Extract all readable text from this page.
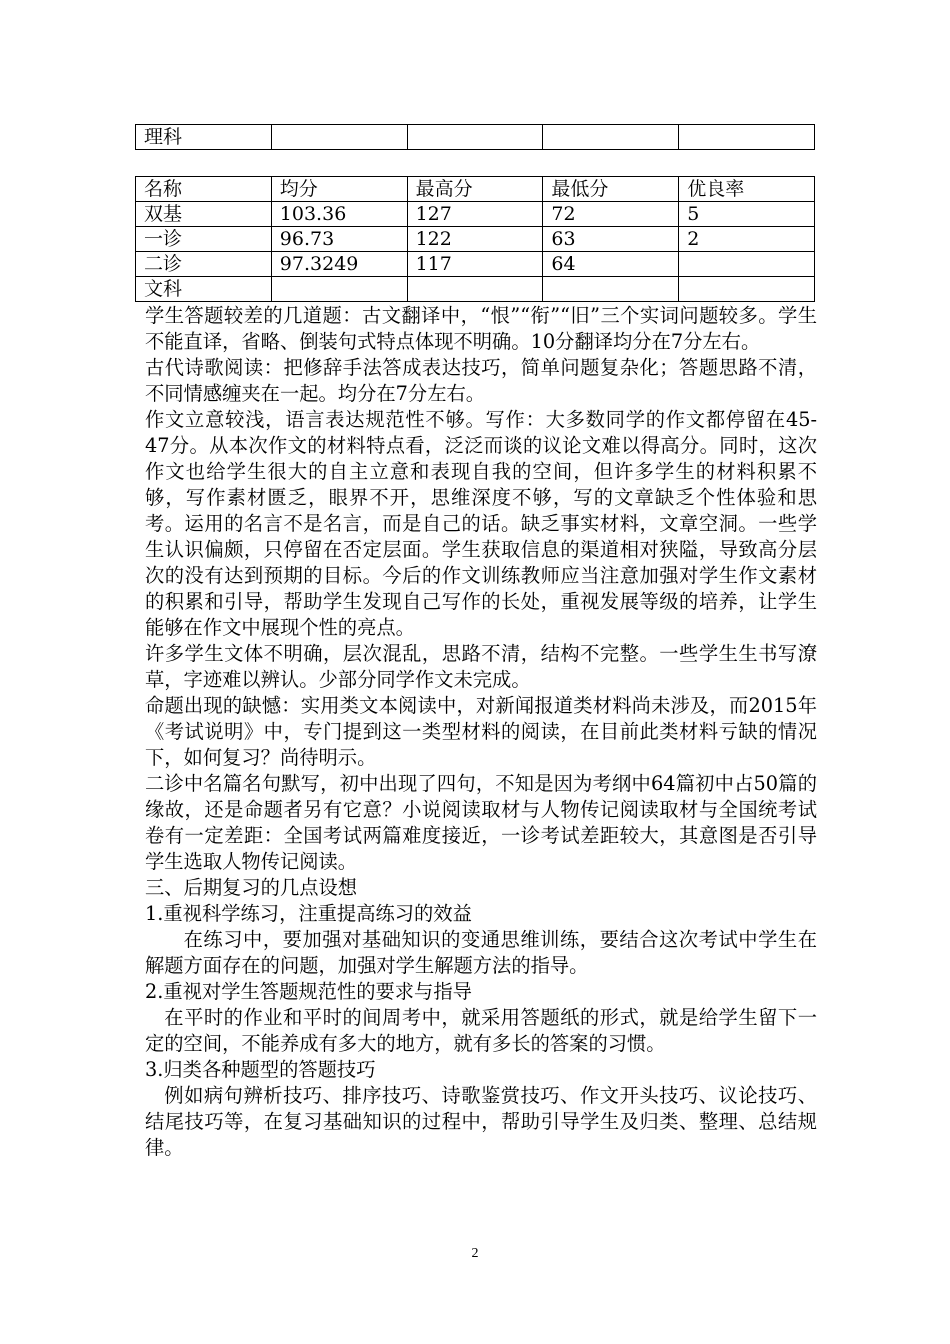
理科				
名称	均分	最高分	最低分	优良率
双基	103.36	127	72	5
一诊	96.73	122	63	2
二诊	97.3249	117	64	
文科				

学生答题较差的几道题：古文翻译中，“恨”“衔”“旧”三个实词问题较多。学生不能直译，省略、倒装句式特点体现不明确。10分翻译均分在7分左右。

古代诗歌阅读：把修辞手法答成表达技巧，简单问题复杂化；答题思路不清，不同情感缠夹在一起。均分在7分左右。

作文立意较浅，语言表达规范性不够。写作：大多数同学的作文都停留在45-47分。从本次作文的材料特点看，泛泛而谈的议论文难以得高分。同时，这次作文也给学生很大的自主立意和表现自我的空间，但许多学生的材料积累不够，写作素材匮乏，眼界不开，思维深度不够，写的文章缺乏个性体验和思考。运用的名言不是名言，而是自己的话。缺乏事实材料，文章空洞。一些学生认识偏颇，只停留在否定层面。学生获取信息的渠道相对狭隘，导致高分层次的没有达到预期的目标。今后的作文训练教师应当注意加强对学生作文素材的积累和引导，帮助学生发现自己写作的长处，重视发展等级的培养，让学生能够在作文中展现个性的亮点。

许多学生文体不明确，层次混乱，思路不清，结构不完整。一些学生生书写潦草，字迹难以辨认。少部分同学作文未完成。

命题出现的缺憾：实用类文本阅读中，对新闻报道类材料尚未涉及，而2015年《考试说明》中，专门提到这一类型材料的阅读，在目前此类材料亏缺的情况下，如何复习？尚待明示。

二诊中名篇名句默写，初中出现了四句，不知是因为考纲中64篇初中占50篇的缘故，还是命题者另有它意？小说阅读取材与人物传记阅读取材与全国统考试卷有一定差距：全国考试两篇难度接近，一诊考试差距较大，其意图是否引导学生选取人物传记阅读。

三、后期复习的几点设想

1.重视科学练习，注重提高练习的效益

在练习中，要加强对基础知识的变通思维训练，要结合这次考试中学生在解题方面存在的问题，加强对学生解题方法的指导。

2.重视对学生答题规范性的要求与指导

在平时的作业和平时的间周考中，就采用答题纸的形式，就是给学生留下一定的空间，不能养成有多大的地方，就有多长的答案的习惯。

3.归类各种题型的答题技巧

例如病句辨析技巧、排序技巧、诗歌鉴赏技巧、作文开头技巧、议论技巧、结尾技巧等，在复习基础知识的过程中，帮助引导学生及归类、整理、总结规律。

2
